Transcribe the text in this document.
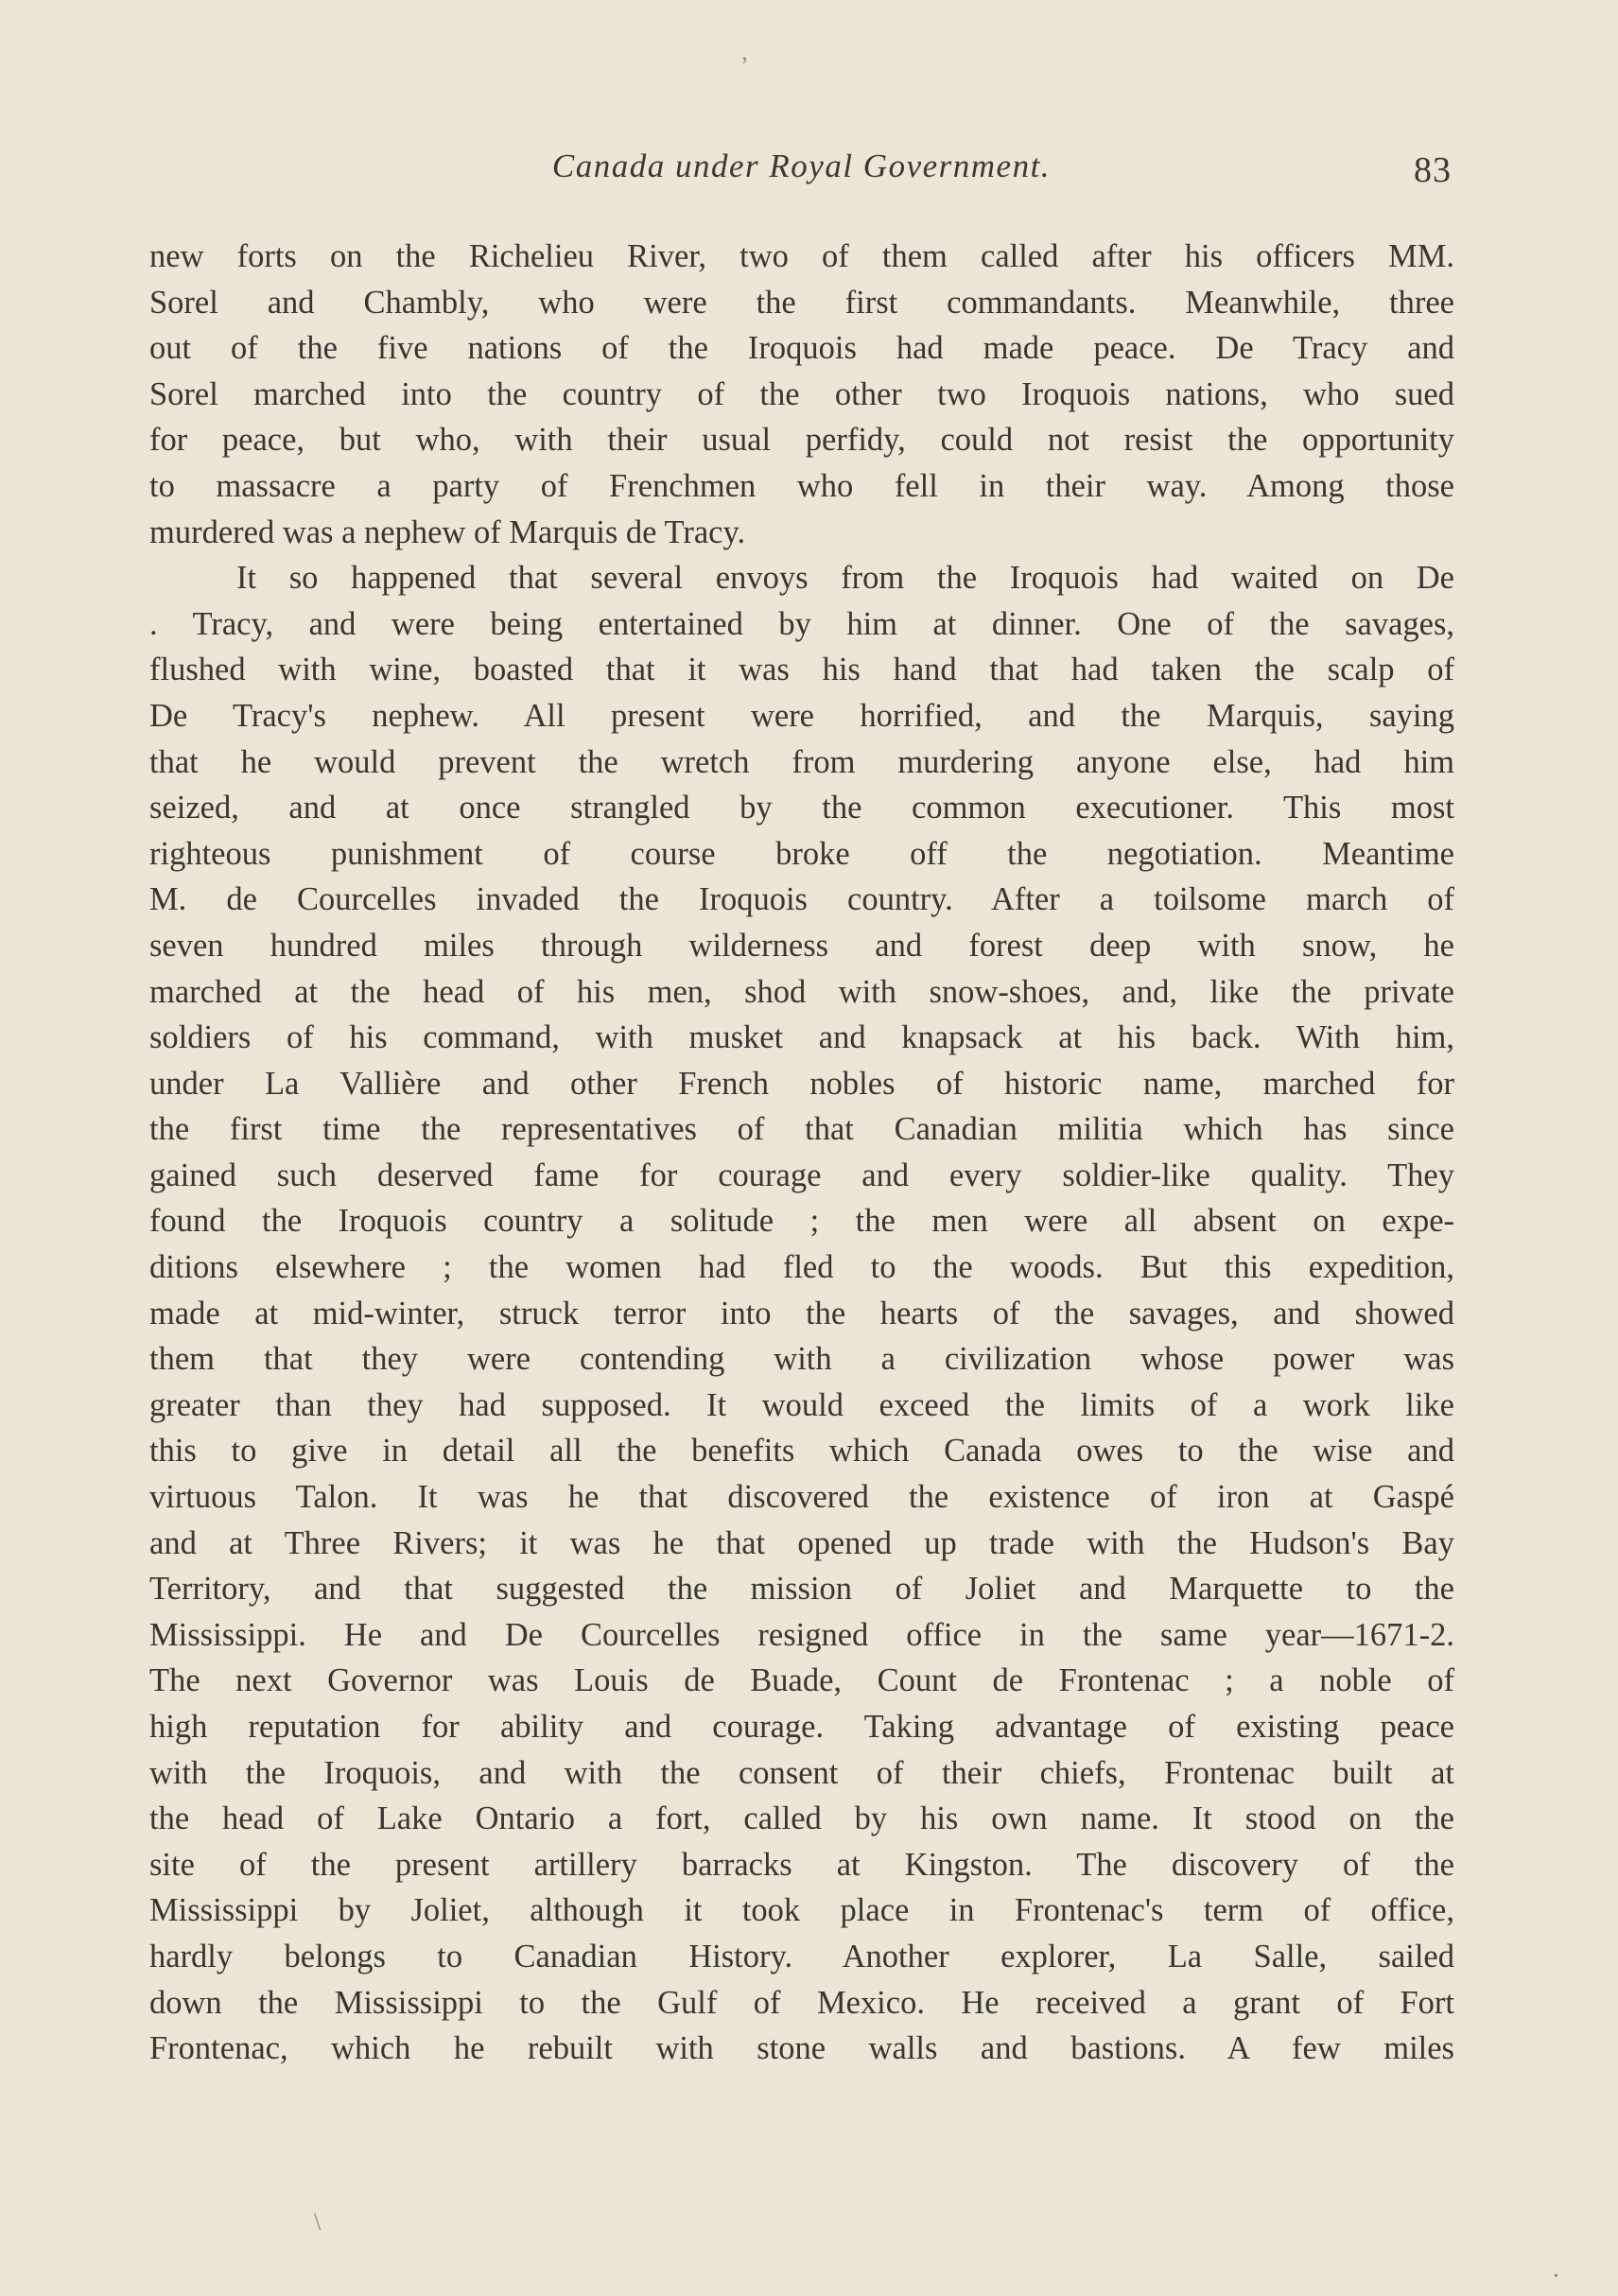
Canada under Royal Government.	83
new forts on the Richelieu River, two of them called after his officers MM.
Sorel and Chambly, who were the first commandants. Meanwhile, three
out of the five nations of the Iroquois had made peace. De Tracy and
Sorel marched into the country of the other two Iroquois nations, who sued
for peace, but who, with their usual perfidy, could not resist the opportunity
to massacre a party of Frenchmen who fell in their way. Among those
murdered was a nephew of Marquis de Tracy.
It so happened that several envoys from the Iroquois had waited on De
. Tracy, and were being entertained by him at dinner. One of the savages,
flushed with wine, boasted that it was his hand that had taken the scalp of
De Tracy's nephew. All present were horrified, and the Marquis, saying
that he would prevent the wretch from murdering anyone else, had him
seized, and at once strangled by the common executioner. This most
righteous punishment of course broke off the negotiation. Meantime
M. de Courcelles invaded the Iroquois country. After a toilsome march of
seven hundred miles through wilderness and forest deep with snow, he
marched at the head of his men, shod with snow-shoes, and, like the private
soldiers of his command, with musket and knapsack at his back. With him,
under La Vallière and other French nobles of historic name, marched for
the first time the representatives of that Canadian militia which has since
gained such deserved fame for courage and every soldier-like quality. They
found the Iroquois country a solitude ; the men were all absent on expe-
ditions elsewhere ; the women had fled to the woods. But this expedition,
made at mid-winter, struck terror into the hearts of the savages, and showed
them that they were contending with a civilization whose power was
greater than they had supposed. It would exceed the limits of a work like
this to give in detail all the benefits which Canada owes to the wise and
virtuous Talon. It was he that discovered the existence of iron at Gaspé
and at Three Rivers; it was he that opened up trade with the Hudson's Bay
Territory, and that suggested the mission of Joliet and Marquette to the
Mississippi. He and De Courcelles resigned office in the same year—1671-2.
The next Governor was Louis de Buade, Count de Frontenac ; a noble of
high reputation for ability and courage. Taking advantage of existing peace
with the Iroquois, and with the consent of their chiefs, Frontenac built at
the head of Lake Ontario a fort, called by his own name. It stood on the
site of the present artillery barracks at Kingston. The discovery of the
Mississippi by Joliet, although it took place in Frontenac's term of office,
hardly belongs to Canadian History. Another explorer, La Salle, sailed
down the Mississippi to the Gulf of Mexico. He received a grant of Fort
Frontenac, which he rebuilt with stone walls and bastions. A few miles
ʼ
\
•
